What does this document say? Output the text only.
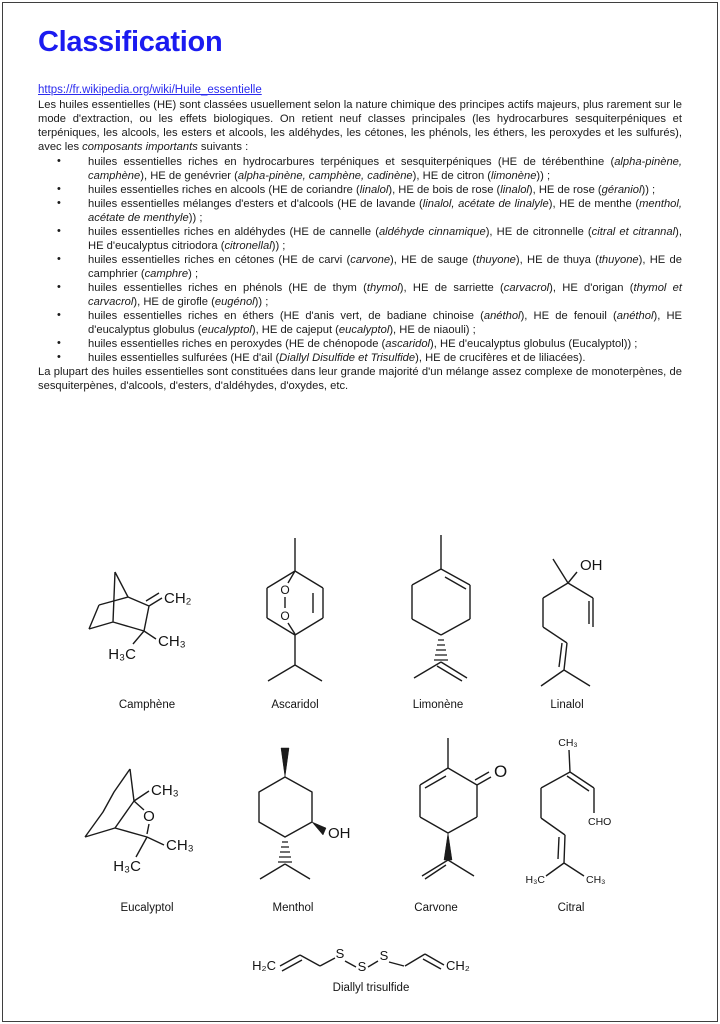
Classification
https://fr.wikipedia.org/wiki/Huile_essentielle

Les huiles essentielles (HE) sont classées usuellement selon la nature chimique des principes actifs majeurs, plus rarement sur le mode d'extraction, ou les effets biologiques. On retient neuf classes principales (les hydrocarbures sesquiterpéniques et terpéniques, les alcools, les esters et alcools, les aldéhydes, les cétones, les phénols, les éthers, les peroxydes et les sulfurés), avec les composants importants suivants :

• huiles essentielles riches en hydrocarbures terpéniques et sesquiterpéniques (HE de térébenthine (alpha-pinène, camphène), HE de genévrier (alpha-pinène, camphène, cadinène), HE de citron (limonène)) ;
• huiles essentielles riches en alcools (HE de coriandre (linalol), HE de bois de rose (linalol), HE de rose (géraniol)) ;
• huiles essentielles mélanges d'esters et d'alcools (HE de lavande (linalol, acétate de linalyle), HE de menthe (menthol, acétate de menthyle)) ;
• huiles essentielles riches en aldéhydes (HE de cannelle (aldéhyde cinnamique), HE de citronnelle (citral et citrannal), HE d'eucalyptus citriodora (citronellal)) ;
• huiles essentielles riches en cétones (HE de carvi (carvone), HE de sauge (thuyone), HE de thuya (thuyone), HE de camphrier (camphre) ;
• huiles essentielles riches en phénols (HE de thym (thymol), HE de sarriette (carvacrol), HE d'origan (thymol et carvacrol), HE de girofle (eugénol)) ;
• huiles essentielles riches en éthers (HE d'anis vert, de badiane chinoise (anéthol), HE de fenouil (anéthol), HE d'eucalyptus globulus (eucalyptol), HE de cajeput (eucalyptol), HE de niaouli) ;
• huiles essentielles riches en peroxydes (HE de chénopode (ascaridol), HE d'eucalyptus globulus (Eucalyptol)) ;
• huiles essentielles sulfurées (HE d'ail (Diallyl Disulfide et Trisulfide), HE de crucifères et de liliacées).

La plupart des huiles essentielles sont constituées dans leur grande majorité d'un mélange assez complexe de monoterpènes, de sesquiterpènes, d'alcools, d'esters, d'aldéhydes, d'oxydes, etc.

CH₂
CH₃
H₃C
O
O
OH
CH₃
O
CH₃
H₃C
OH
O
CH₃
CHO
H₃C	CH₃
H₂C
S
S
S
CH₂
Camphène	Ascaridol	Limonène	Linalol
Eucalyptol	Menthol	Carvone	Citral
Diallyl trisulfide
